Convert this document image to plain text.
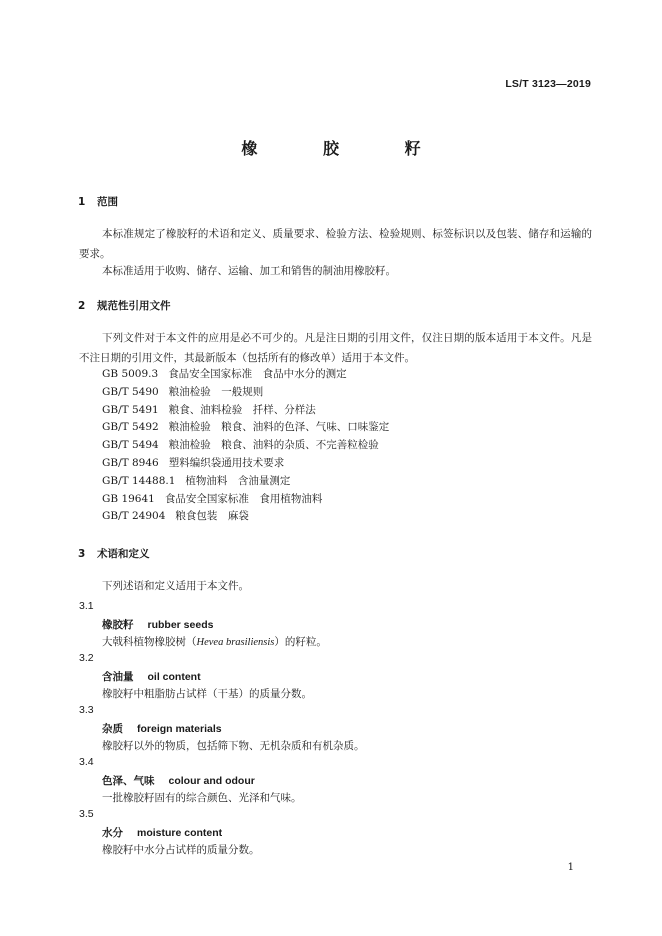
LS/T 3123—2019
橡 胶 籽
1 范围
本标准规定了橡胶籽的术语和定义、质量要求、检验方法、检验规则、标签标识以及包装、储存和运输的要求。
本标准适用于收购、储存、运输、加工和销售的制油用橡胶籽。
2 规范性引用文件
下列文件对于本文件的应用是必不可少的。凡是注日期的引用文件，仅注日期的版本适用于本文件。凡是不注日期的引用文件，其最新版本（包括所有的修改单）适用于本文件。
GB 5009.3 食品安全国家标准　食品中水分的测定
GB/T 5490 粮油检验　一般规则
GB/T 5491 粮食、油料检验　扦样、分样法
GB/T 5492 粮油检验　粮食、油料的色泽、气味、口味鉴定
GB/T 5494 粮油检验　粮食、油料的杂质、不完善粒检验
GB/T 8946 塑料编织袋通用技术要求
GB/T 14488.1 植物油料　含油量测定
GB 19641 食品安全国家标准　食用植物油料
GB/T 24904 粮食包装　麻袋
3 术语和定义
下列述语和定义适用于本文件。
3.1
橡胶籽 rubber seeds
大戟科植物橡胶树（Hevea brasiliensis）的籽粒。
3.2
含油量 oil content
橡胶籽中粗脂肪占试样（干基）的质量分数。
3.3
杂质 foreign materials
橡胶籽以外的物质，包括筛下物、无机杂质和有机杂质。
3.4
色泽、气味 colour and odour
一批橡胶籽固有的综合颜色、光泽和气味。
3.5
水分 moisture content
橡胶籽中水分占试样的质量分数。
1
